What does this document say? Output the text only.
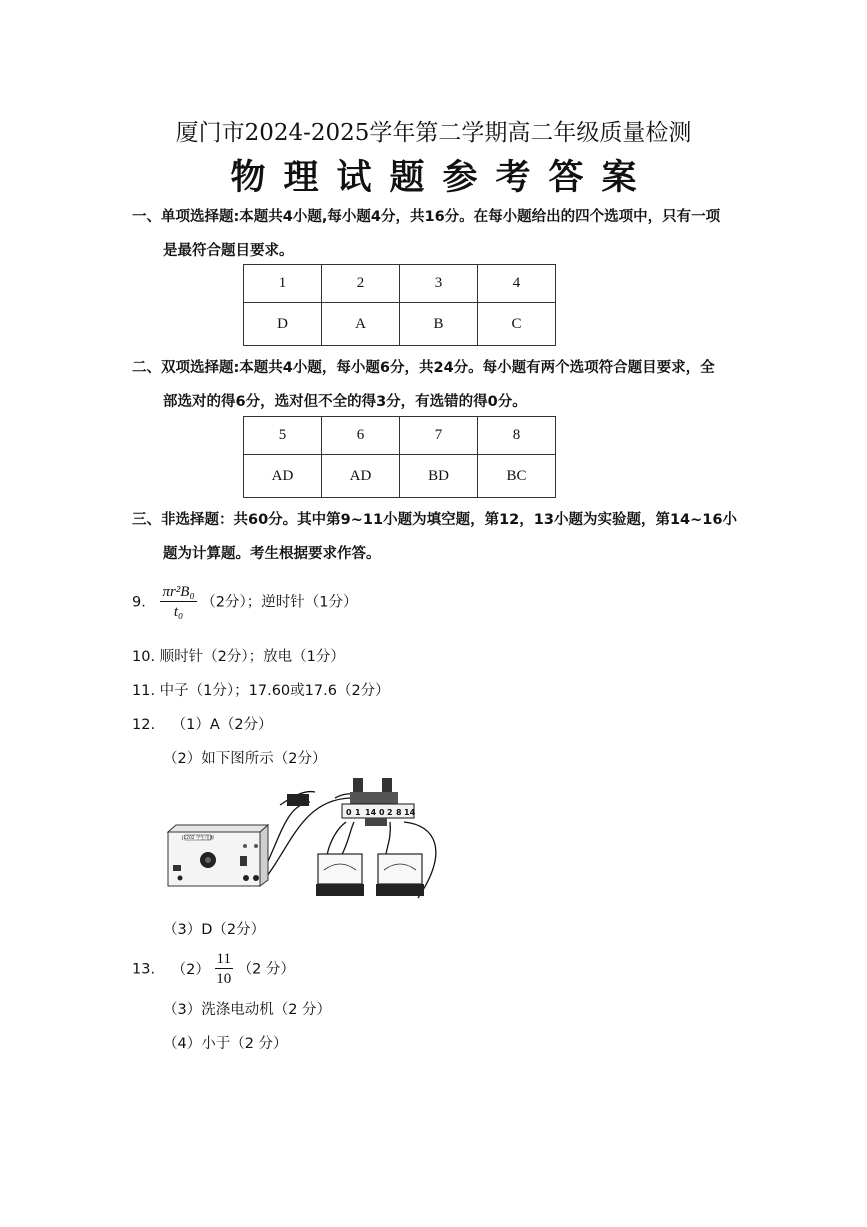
厦门市2024-2025学年第二学期高二年级质量检测
物理试题参考答案
一、单项选择题:本题共4小题,每小题4分，共16分。在每小题给出的四个选项中，只有一项
是最符合题目要求。
1	2	3	4
D	A	B	C
二、双项选择题:本题共4小题，每小题6分，共24分。每小题有两个选项符合题目要求，全
部选对的得6分，选对但不全的得3分，有选错的得0分。
5	6	7	8
AD	AD	BD	BC
三、非选择题：共60分。其中第9~11小题为填空题，第12，13小题为实验题，第14~16小
题为计算题。考生根据要求作答。
9. $\frac{\text{πr²B₀}}{\text{t₀}} (2$分）；逆时针（1分）
10. 顺时针（2分）；放电（1分）
11. 中子（1分）；17.60或17.6（2分）
12. （1）A（2分）
（2）如下图所示（2分）
J1202 学生电源
0 1 14 0 2 8 14
（3）D（2分）
13. $(2) \frac{11}{10} (2$ 分）
（3）洗涤电动机（2 分）
（4）小于（2 分）
